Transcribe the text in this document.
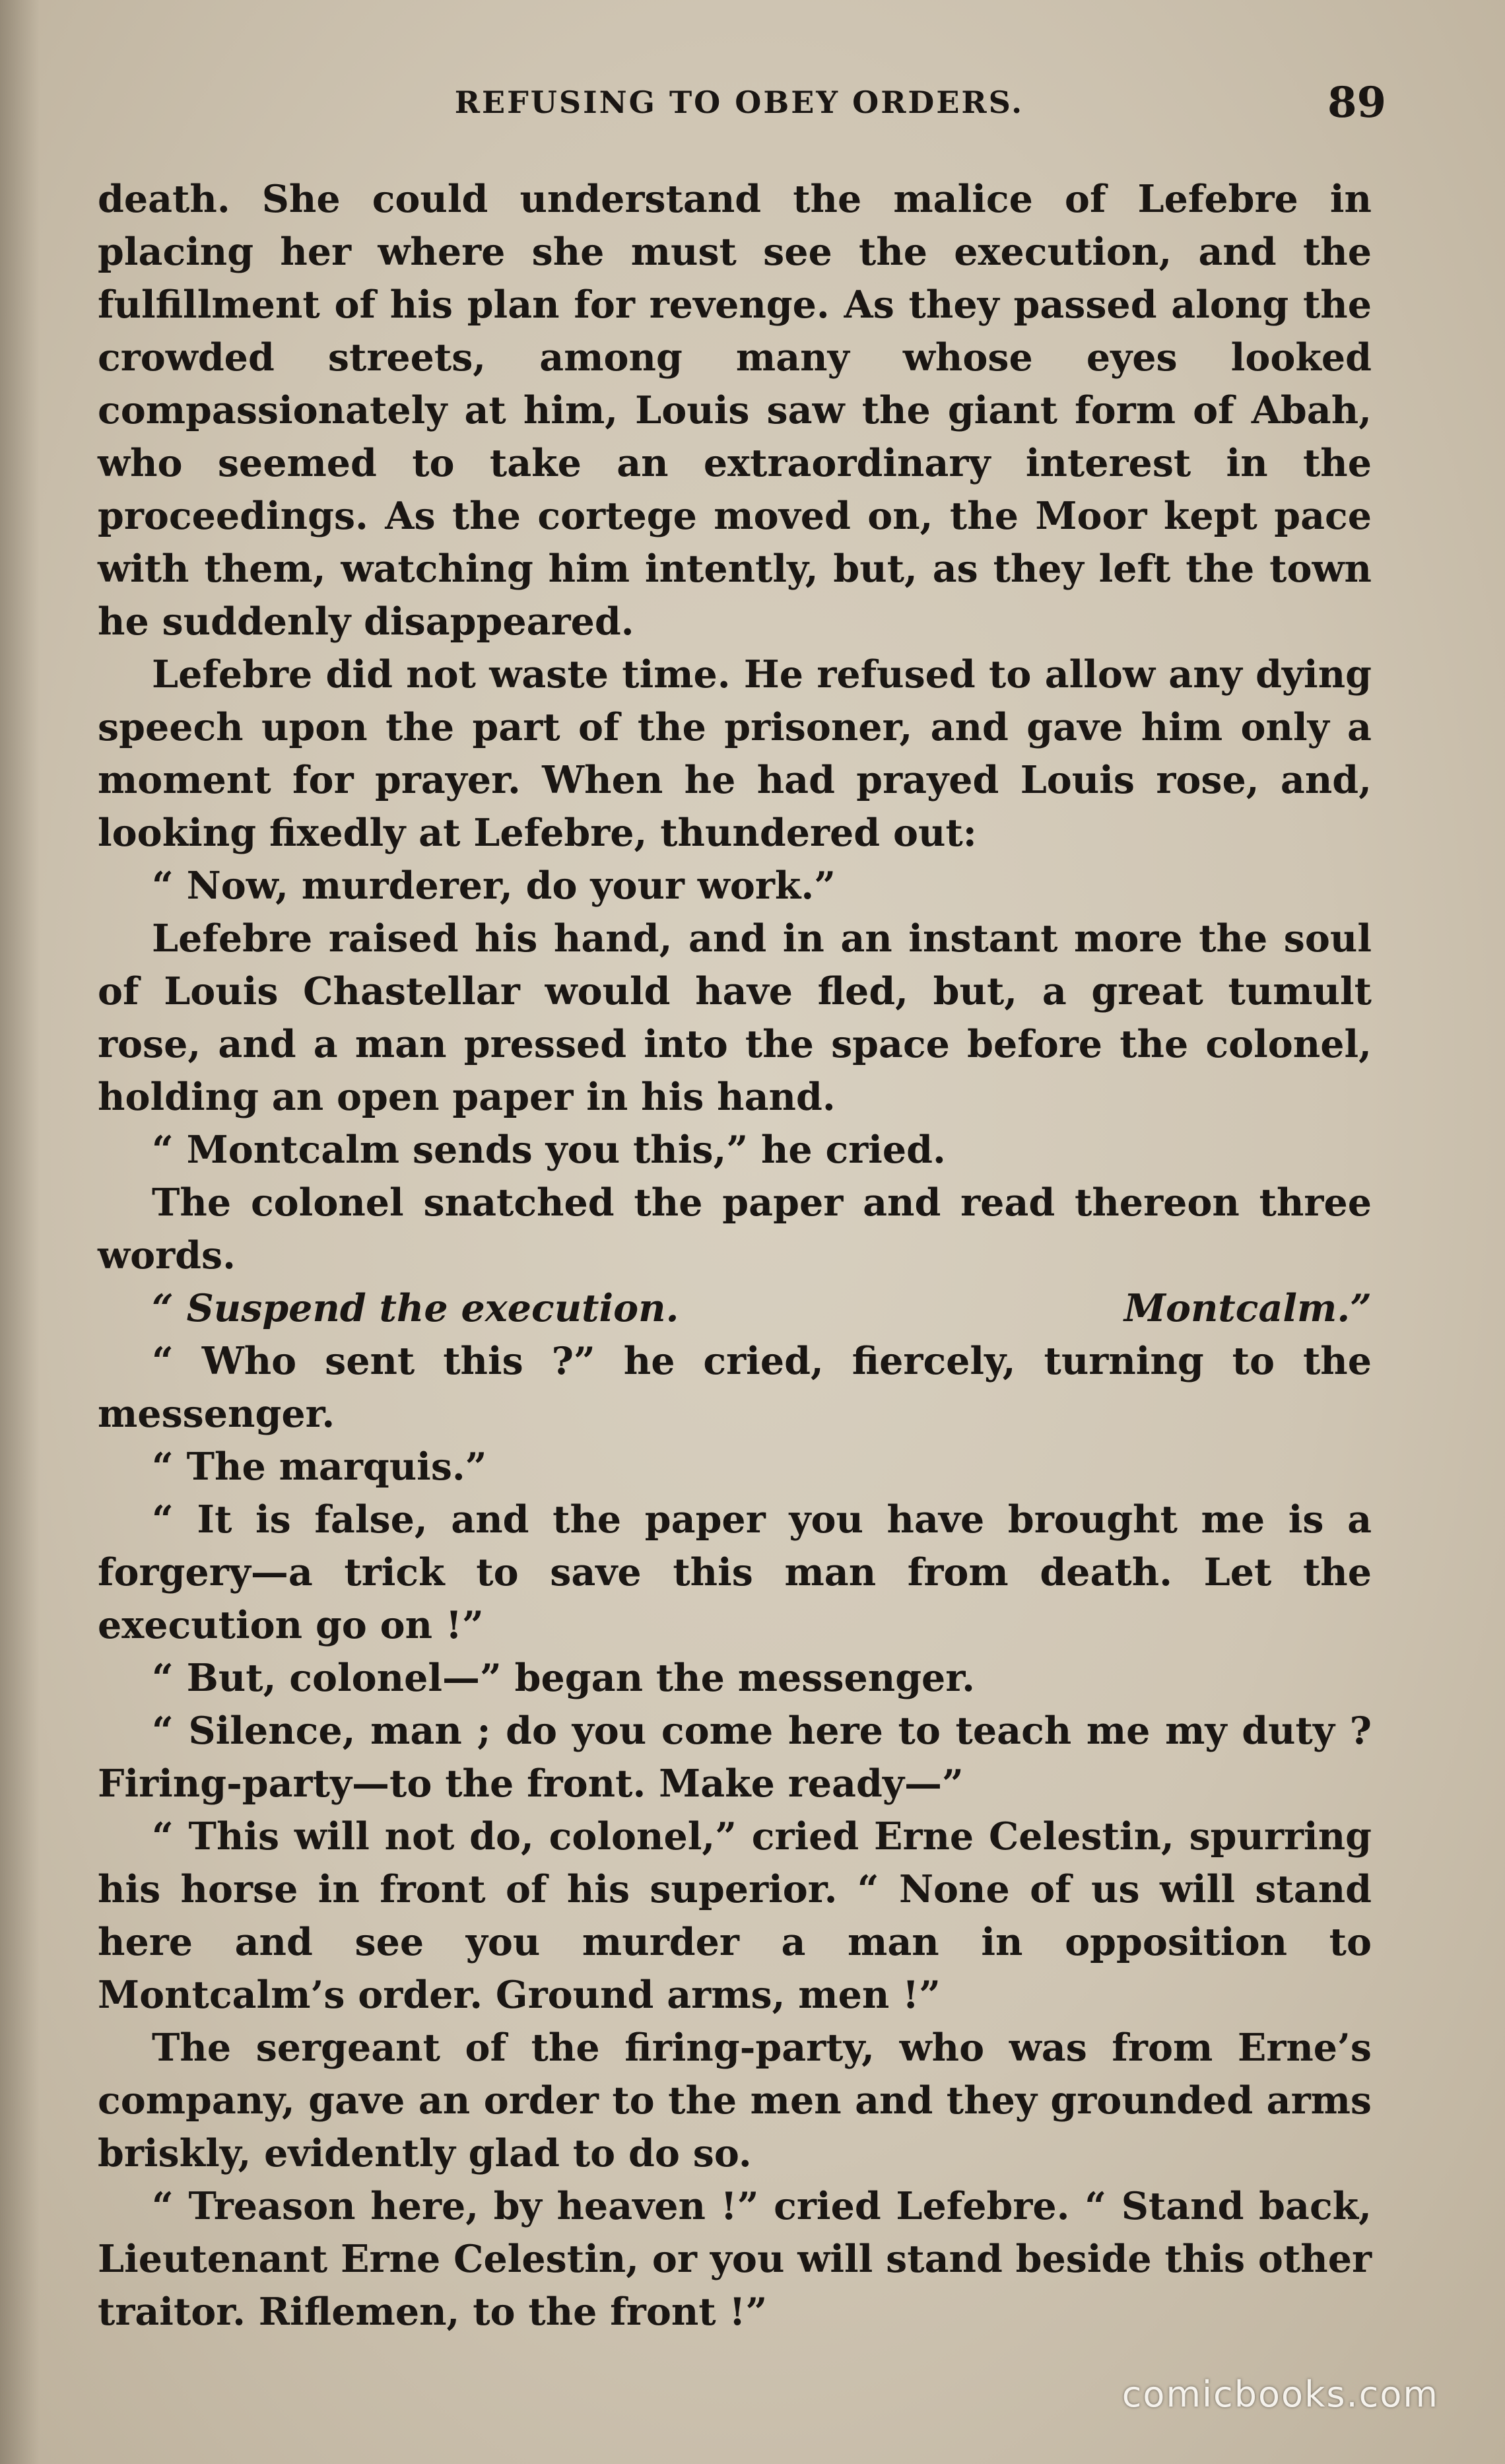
REFUSING TO OBEY ORDERS.	89

death. She could understand the malice of Lefebre in placing her where she must see the execution, and the fulfillment of his plan for revenge. As they passed along the crowded streets, among many whose eyes looked compassionately at him, Louis saw the giant form of Abah, who seemed to take an extraordinary interest in the proceedings. As the cortege moved on, the Moor kept pace with them, watching him intently, but, as they left the town he suddenly disappeared.

Lefebre did not waste time. He refused to allow any dying speech upon the part of the prisoner, and gave him only a moment for prayer. When he had prayed Louis rose, and, looking fixedly at Lefebre, thundered out:

“ Now, murderer, do your work.”

Lefebre raised his hand, and in an instant more the soul of Louis Chastellar would have fled, but, a great tumult rose, and a man pressed into the space before the colonel, holding an open paper in his hand.

“ Montcalm sends you this,” he cried.

The colonel snatched the paper and read thereon three words.

“ Suspend the execution.	Montcalm.”

“ Who sent this ?” he cried, fiercely, turning to the messenger.

“ The marquis.”

“ It is false, and the paper you have brought me is a forgery—a trick to save this man from death. Let the execution go on !”

“ But, colonel—” began the messenger.

“ Silence, man ; do you come here to teach me my duty ? Firing-party—to the front. Make ready—”

“ This will not do, colonel,” cried Erne Celestin, spurring his horse in front of his superior. “ None of us will stand here and see you murder a man in opposition to Montcalm’s order. Ground arms, men !”

The sergeant of the firing-party, who was from Erne’s company, gave an order to the men and they grounded arms briskly, evidently glad to do so.

“ Treason here, by heaven !” cried Lefebre. “ Stand back, Lieutenant Erne Celestin, or you will stand beside this other traitor. Riflemen, to the front !”

comicbooks.com
